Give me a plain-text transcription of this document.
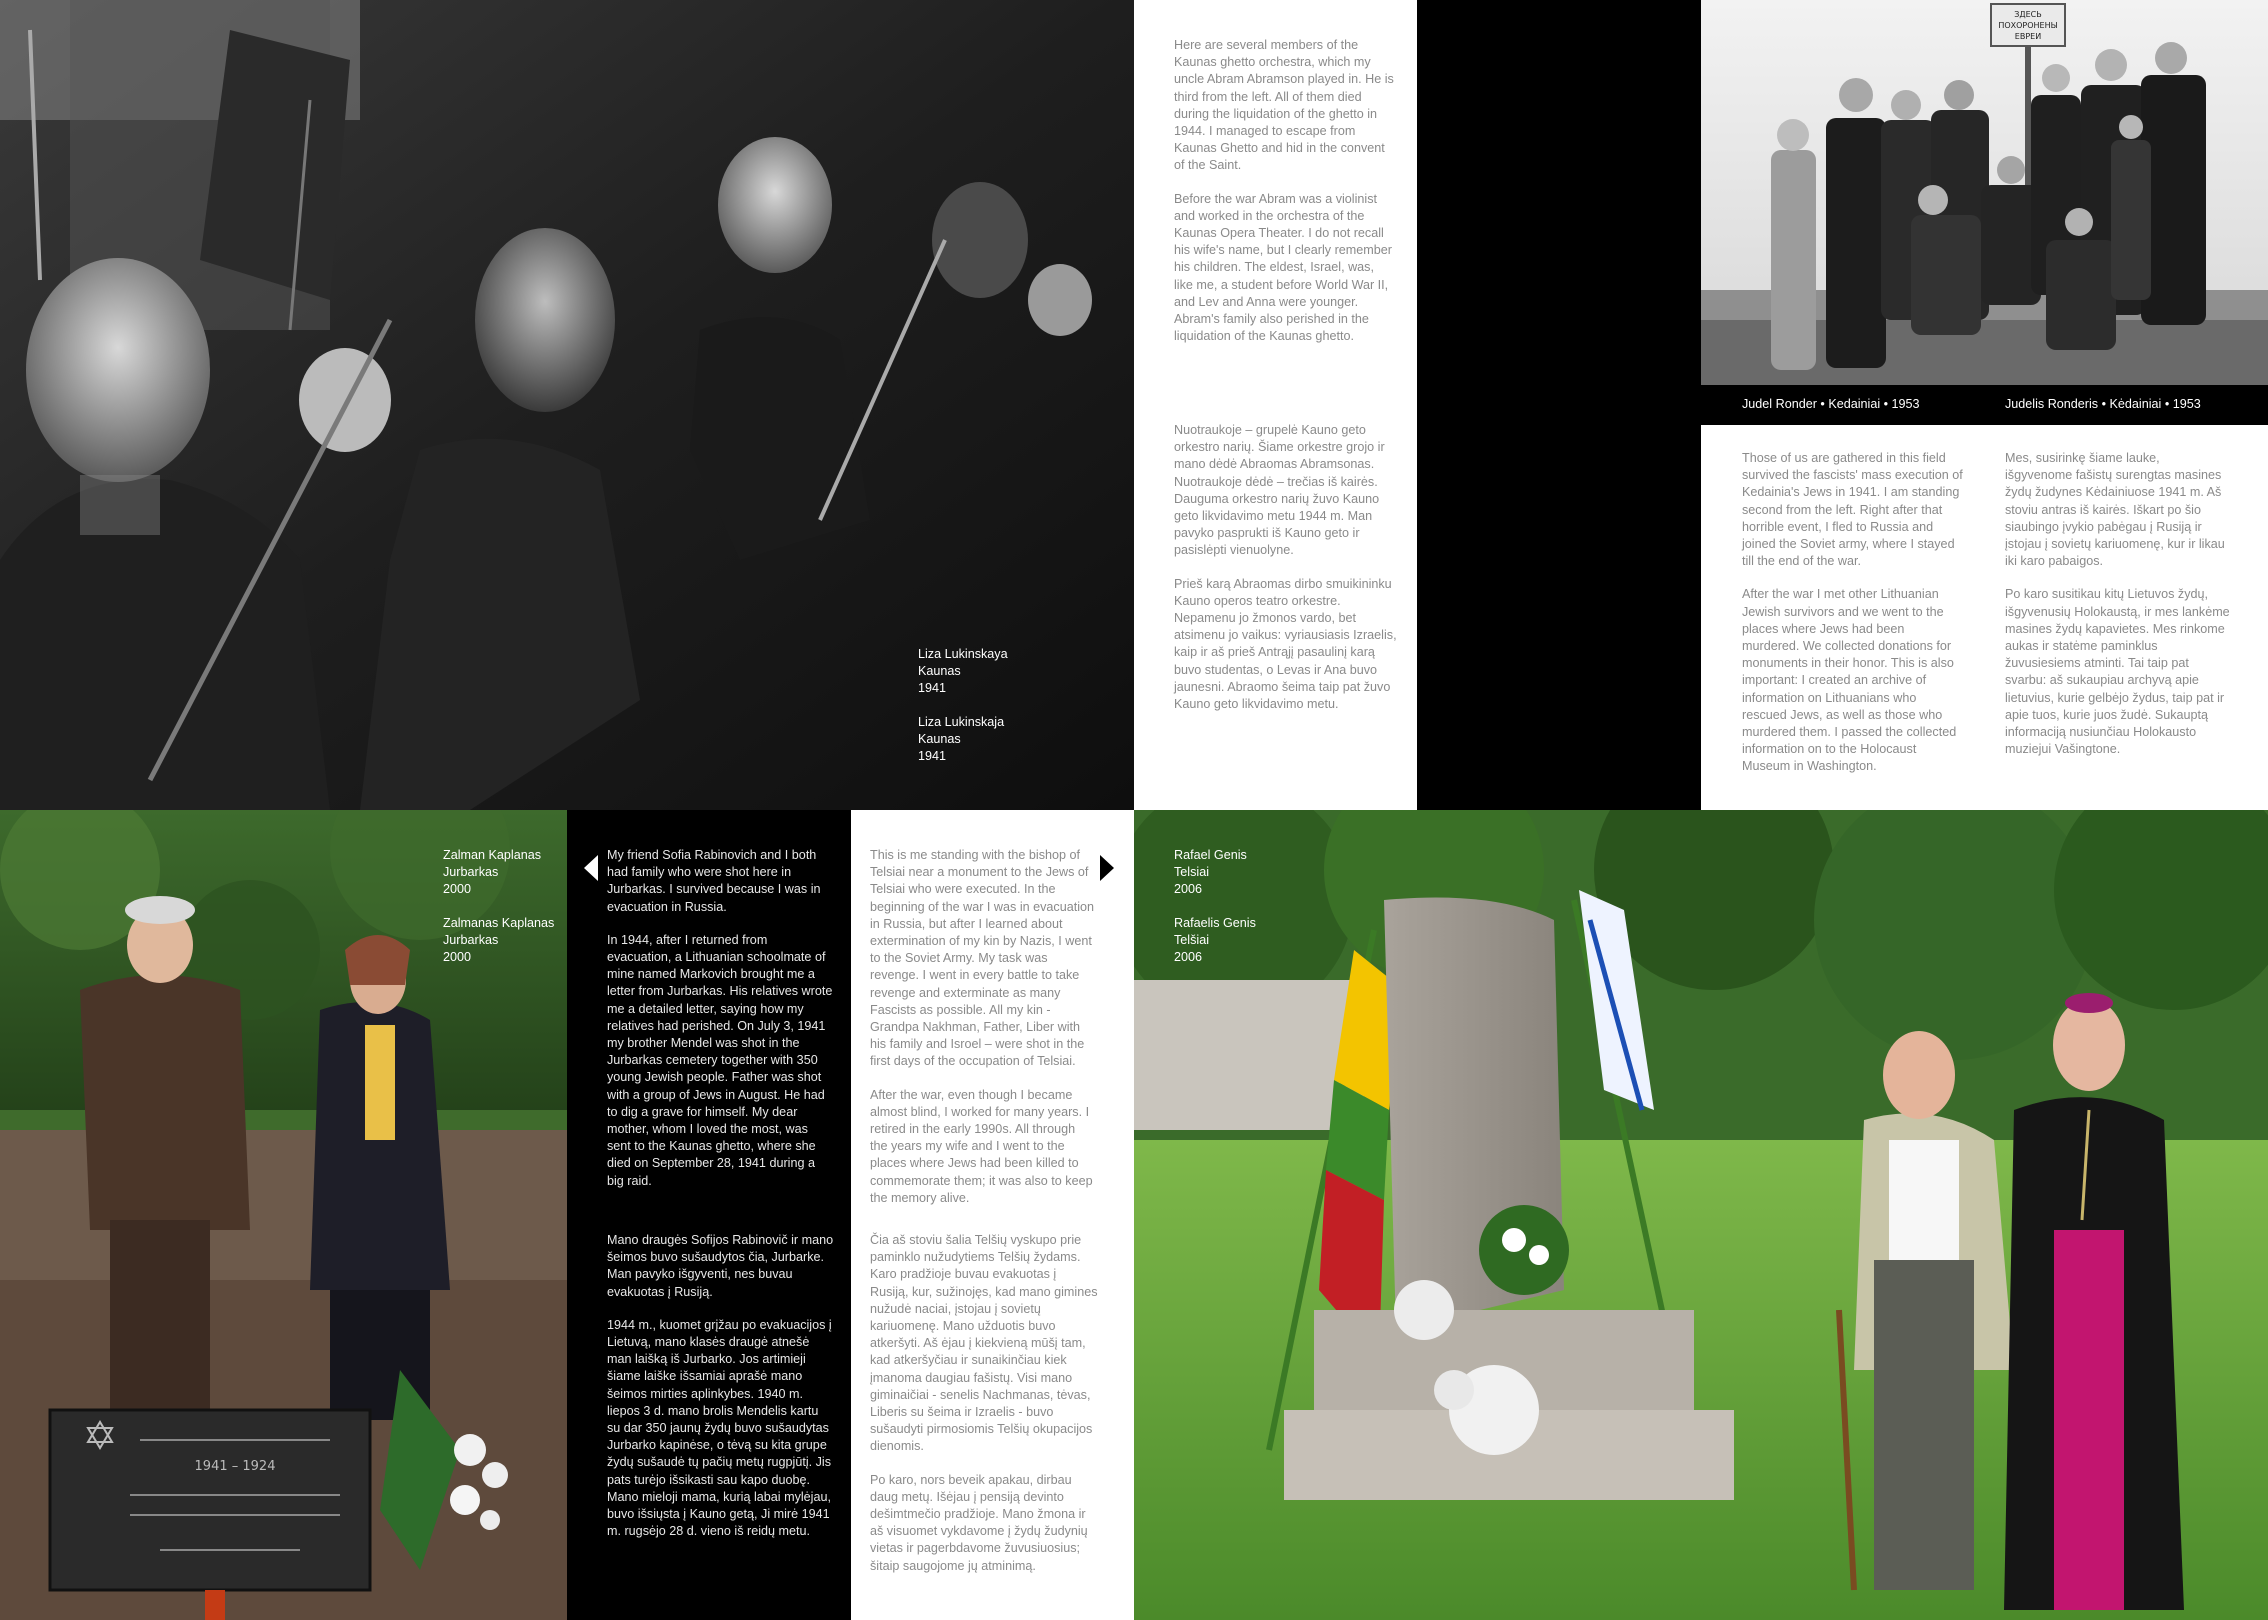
Liza Lukinskaya
Kaunas
1941
Liza Lukinskaja
Kaunas
1941

Here are several members of the Kaunas ghetto orchestra, which my uncle Abram Abramson played in. He is third from the left. All of them died during the liquidation of the ghetto in 1944. I managed to escape from Kaunas Ghetto and hid in the convent of the Saint.

Before the war Abram was a violinist and worked in the orchestra of the Kaunas Opera Theater. I do not recall his wife's name, but I clearly remember his children. The eldest, Israel, was, like me, a student before World War II, and Lev and Anna were younger. Abram's family also perished in the liquidation of the Kaunas ghetto.

Nuotraukoje – grupelė Kauno geto orkestro narių. Šiame orkestre grojo ir mano dėdė Abraomas Abramsonas. Nuotraukoje dėdė – trečias iš kairės. Dauguma orkestro narių žuvo Kauno geto likvidavimo metu 1944 m. Man pavyko pasprukti iš Kauno geto ir pasislėpti vienuolyne.

Prieš karą Abraomas dirbo smuikininku Kauno operos teatro orkestre. Nepamenu jo žmonos vardo, bet atsimenu jo vaikus: vyriausiasis Izraelis, kaip ir aš prieš Antrąjį pasaulinį karą buvo studentas, o Levas ir Ana buvo jaunesni. Abraomo šeima taip pat žuvo Kauno geto likvidavimo metu.

ЗДЕСЬ
ПОХОРОНЕНЫ
ЕВРЕИ
Judel Ronder • Kedainiai • 1953	Judelis Ronderis • Kėdainiai • 1953

Those of us are gathered in this field survived the fascists' mass execution of Kedainia's Jews in 1941. I am standing second from the left. Right after that horrible event, I fled to Russia and joined the Soviet army, where I stayed till the end of the war.

After the war I met other Lithuanian Jewish survivors and we went to the places where Jews had been murdered. We collected donations for monuments in their honor. This is also important: I created an archive of information on Lithuanians who rescued Jews, as well as those who murdered them. I passed the collected information on to the Holocaust Museum in Washington.

Mes, susirinkę šiame lauke, išgyvenome fašistų surengtas masines žydų žudynes Kėdainiuose 1941 m. Aš stoviu antras iš kairės. Iškart po šio siaubingo įvykio pabėgau į Rusiją ir įstojau į sovietų kariuomenę, kur ir likau iki karo pabaigos.

Po karo susitikau kitų Lietuvos žydų, išgyvenusių Holokaustą, ir mes lankėme masines žydų kapavietes. Mes rinkome aukas ir statėme paminklus žuvusiesiems atminti. Tai taip pat svarbu: aš sukaupiau archyvą apie lietuvius, kurie gelbėjo žydus, taip pat ir apie tuos, kurie juos žudė. Sukauptą informaciją nusiunčiau Holokausto muziejui Vašingtone.

1941 – 1924
Zalman Kaplanas
Jurbarkas
2000
Zalmanas Kaplanas
Jurbarkas
2000

My friend Sofia Rabinovich and I both had family who were shot here in Jurbarkas. I survived because I was in evacuation in Russia.

In 1944, after I returned from evacuation, a Lithuanian schoolmate of mine named Markovich brought me a letter from Jurbarkas. His relatives wrote me a detailed letter, saying how my relatives had perished. On July 3, 1941 my brother Mendel was shot in the Jurbarkas cemetery together with 350 young Jewish people. Father was shot with a group of Jews in August. He had to dig a grave for himself. My dear mother, whom I loved the most, was sent to the Kaunas ghetto, where she died on September 28, 1941 during a big raid.

Mano draugės Sofijos Rabinovič ir mano šeimos buvo sušaudytos čia, Jurbarke. Man pavyko išgyventi, nes buvau evakuotas į Rusiją.

1944 m., kuomet grįžau po evakuacijos į Lietuvą, mano klasės draugė atnešė man laišką iš Jurbarko. Jos artimieji šiame laiške išsamiai aprašė mano šeimos mirties aplinkybes. 1940 m. liepos 3 d. mano brolis Mendelis kartu su dar 350 jaunų žydų buvo sušaudytas Jurbarko kapinėse, o tėvą su kita grupe žydų sušaudė tų pačių metų rugpjūtį. Jis pats turėjo išsikasti sau kapo duobę. Mano mieloji mama, kurią labai mylėjau, buvo išsiųsta į Kauno getą, Ji mirė 1941 m. rugsėjo 28 d. vieno iš reidų metu.

This is me standing with the bishop of Telsiai near a monument to the Jews of Telsiai who were executed. In the beginning of the war I was in evacuation in Russia, but after I learned about extermination of my kin by Nazis, I went to the Soviet Army. My task was revenge. I went in every battle to take revenge and exterminate as many Fascists as possible. All my kin - Grandpa Nakhman, Father, Liber with his family and Isroel – were shot in the first days of the occupation of Telsiai.

After the war, even though I became almost blind, I worked for many years. I retired in the early 1990s. All through the years my wife and I went to the places where Jews had been killed to commemorate them; it was also to keep the memory alive.

Čia aš stoviu šalia Telšių vyskupo prie paminklo nužudytiems Telšių žydams. Karo pradžioje buvau evakuotas į Rusiją, kur, sužinojęs, kad mano gimines nužudė naciai, įstojau į sovietų kariuomenę. Mano užduotis buvo atkeršyti. Aš ėjau į kiekvieną mūšį tam, kad atkeršyčiau ir sunaikinčiau kiek įmanoma daugiau fašistų. Visi mano giminaičiai - senelis Nachmanas, tėvas, Liberis su šeima ir Izraelis - buvo sušaudyti pirmosiomis Telšių okupacijos dienomis.

Po karo, nors beveik apakau, dirbau daug metų. Išėjau į pensiją devinto dešimtmečio pradžioje. Mano žmona ir aš visuomet vykdavome į žydų žudynių vietas ir pagerbdavome žuvusiuosius; šitaip saugojome jų atminimą.

Rafael Genis
Telsiai
2006
Rafaelis Genis
Telšiai
2006
